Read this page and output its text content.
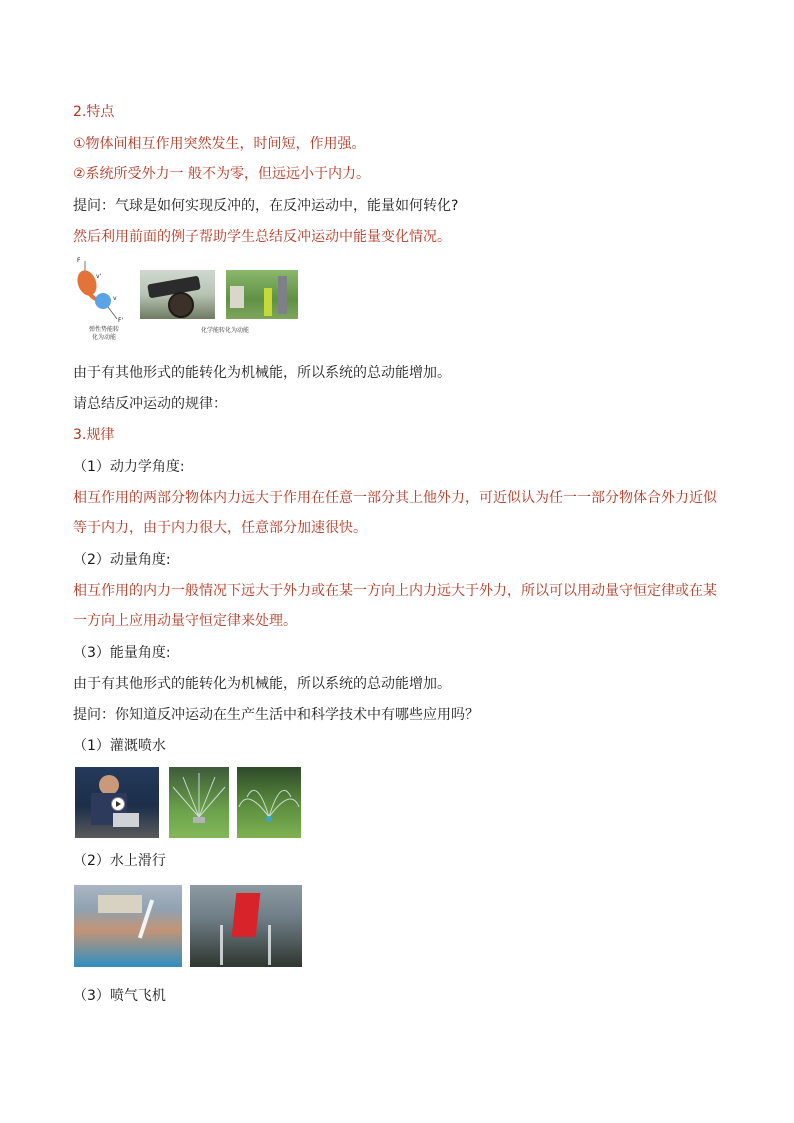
2.特点
①物体间相互作用突然发生，时间短，作用强。
②系统所受外力一 般不为零，但远远小于内力。
提问：气球是如何实现反冲的，在反冲运动中，能量如何转化?
然后利用前面的例子帮助学生总结反冲运动中能量变化情况。
F
v'
v
F'
弹性势能转
化为动能
化学能转化为动能
由于有其他形式的能转化为机械能，所以系统的总动能增加。
请总结反冲运动的规律：
3.规律
（1）动力学角度:
相互作用的两部分物体内力远大于作用在任意一部分其上他外力，可近似认为任一一部分物体合外力近似
等于内力，由于内力很大，任意部分加速很快。
（2）动量角度:
相互作用的内力一般情况下远大于外力或在某一方向上内力远大于外力，所以可以用动量守恒定律或在某
一方向上应用动量守恒定律来处理。
（3）能量角度:
由于有其他形式的能转化为机械能，所以系统的总动能增加。
提问：你知道反冲运动在生产生活中和科学技术中有哪些应用吗？
（1）灌溉喷水
（2）水上滑行
（3）喷气飞机
